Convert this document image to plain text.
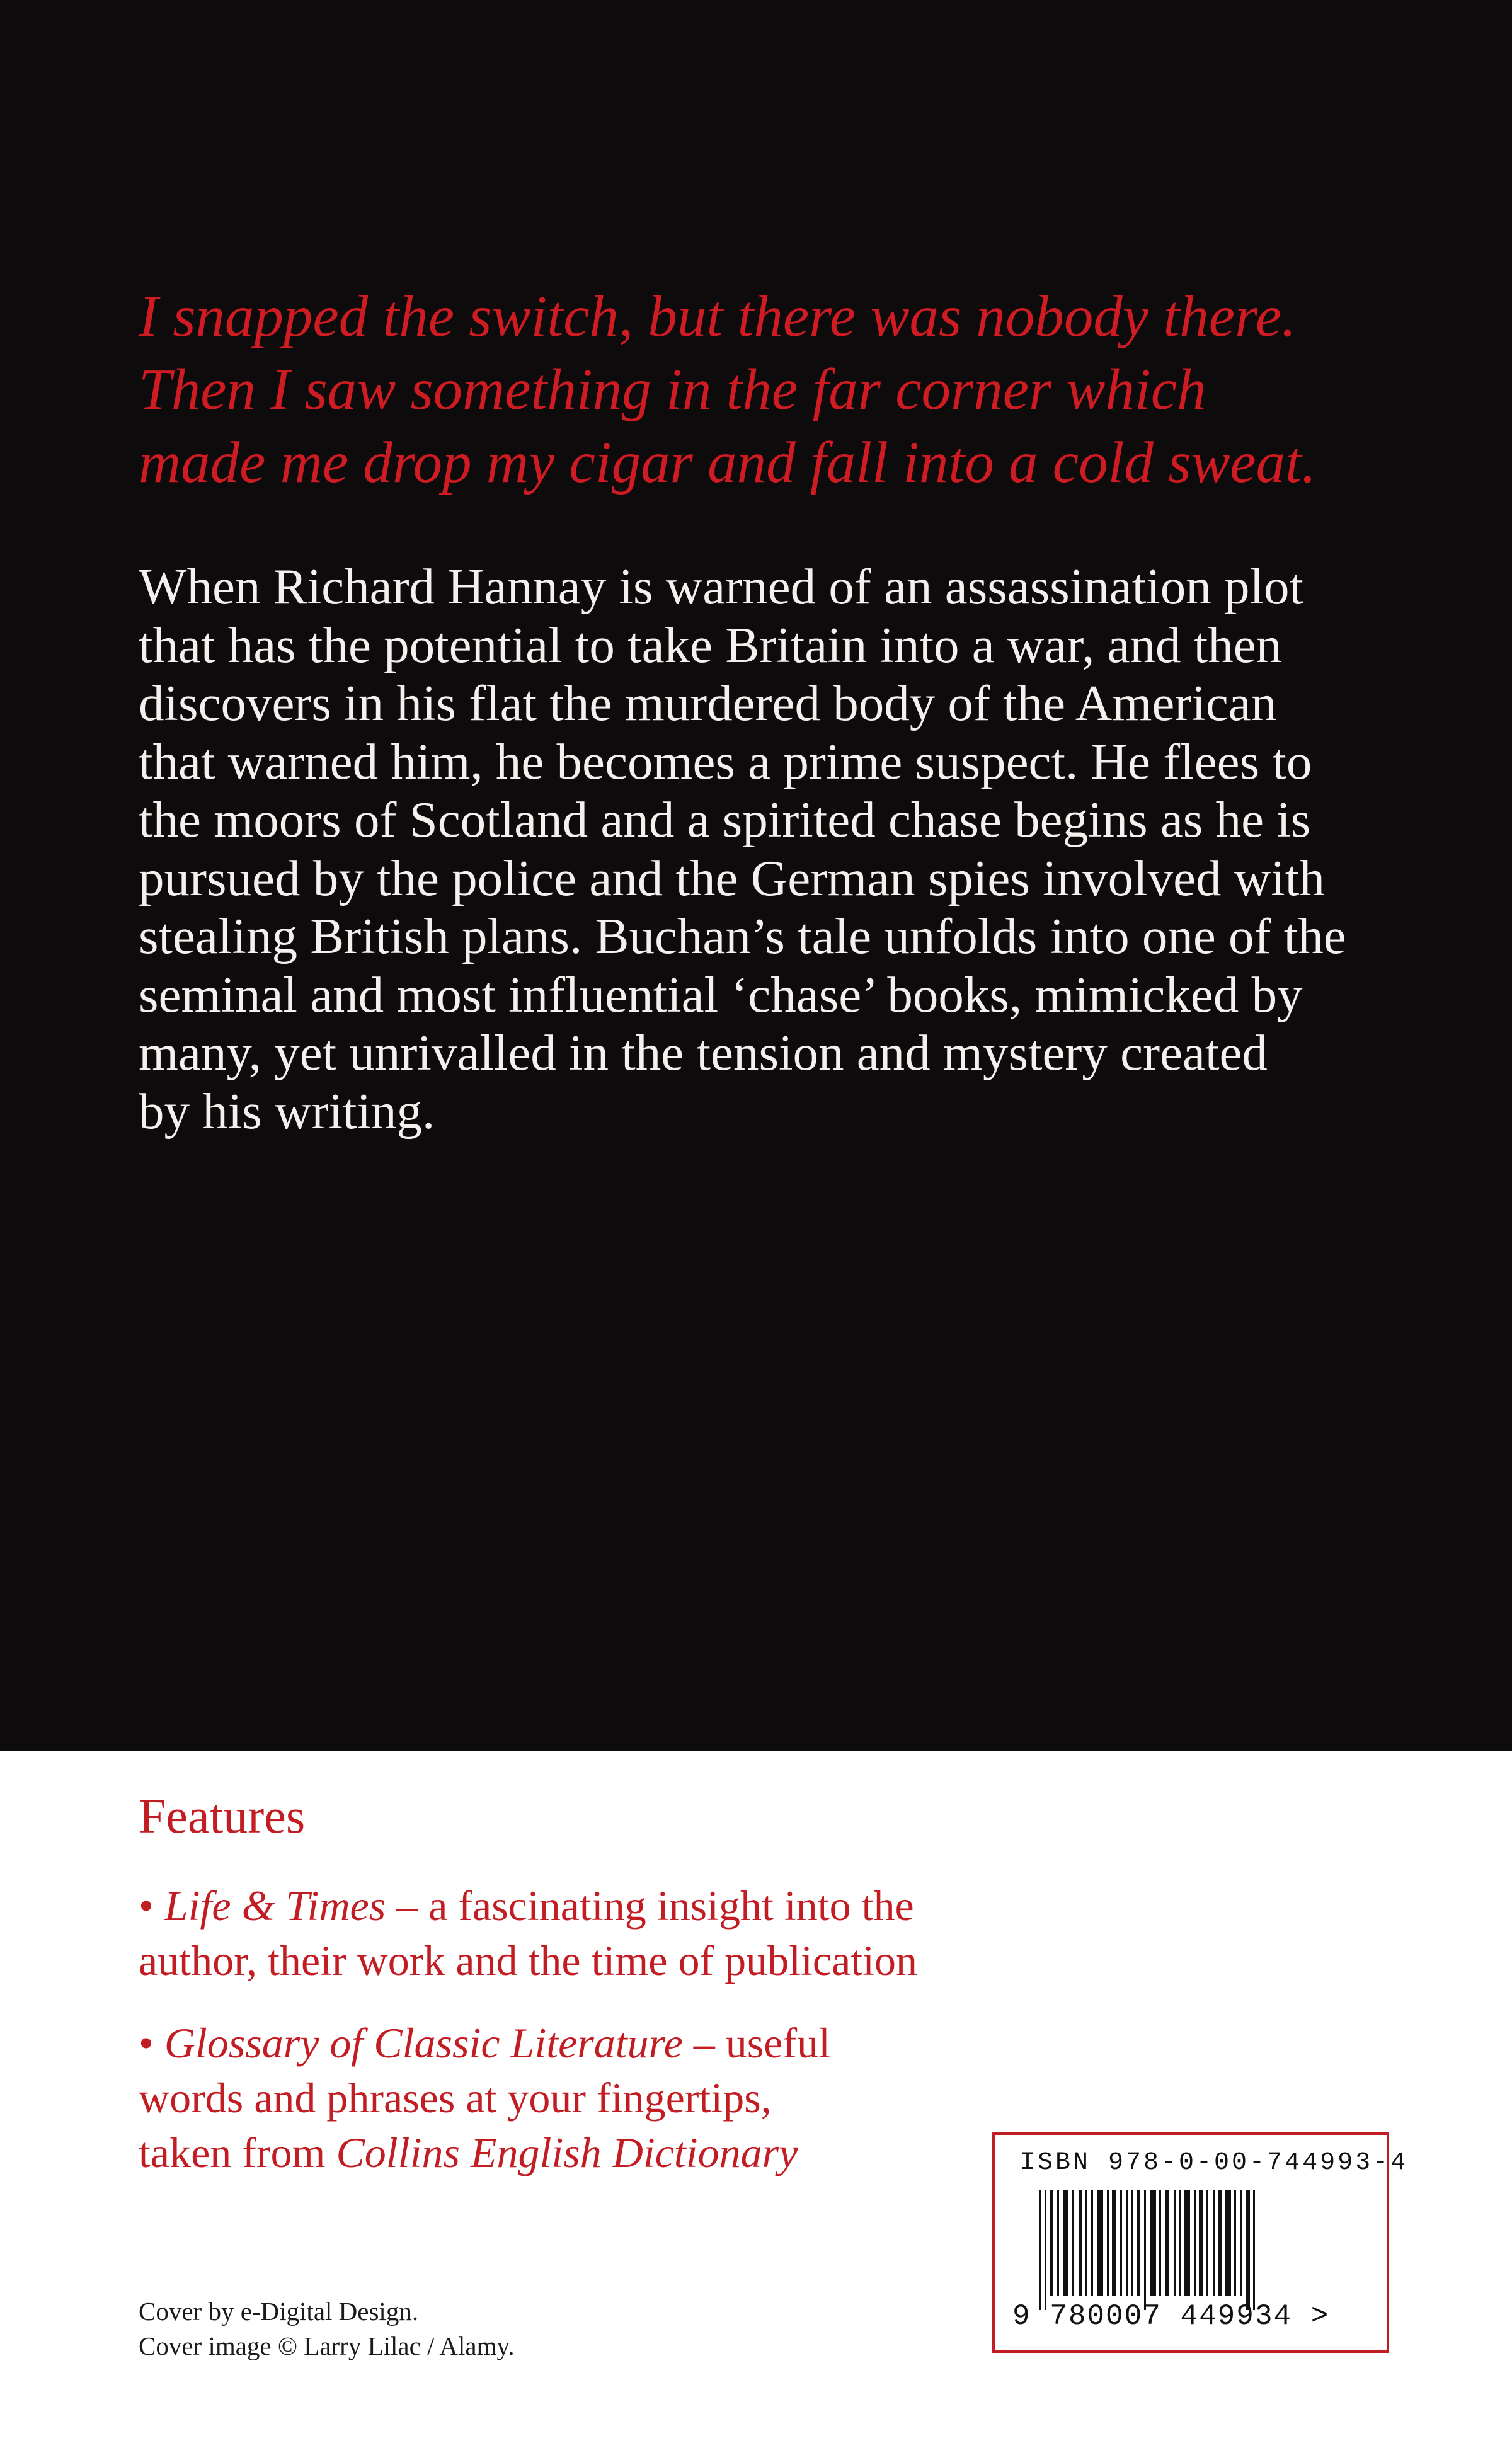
I snapped the switch, but there was nobody there.
Then I saw something in the far corner which
made me drop my cigar and fall into a cold sweat.

When Richard Hannay is warned of an assassination plot
that has the potential to take Britain into a war, and then
discovers in his flat the murdered body of the American
that warned him, he becomes a prime suspect. He flees to
the moors of Scotland and a spirited chase begins as he is
pursued by the police and the German spies involved with
stealing British plans. Buchan’s tale unfolds into one of the
seminal and most influential ‘chase’ books, mimicked by
many, yet unrivalled in the tension and mystery created
by his writing.

Features
• Life & Times – a fascinating insight into the
author, their work and the time of publication
• Glossary of Classic Literature – useful
words and phrases at your fingertips,
taken from Collins English Dictionary
Cover by e-Digital Design.
Cover image © Larry Lilac / Alamy.
ISBN 978-0-00-744993-4
9 780007 449934 >
